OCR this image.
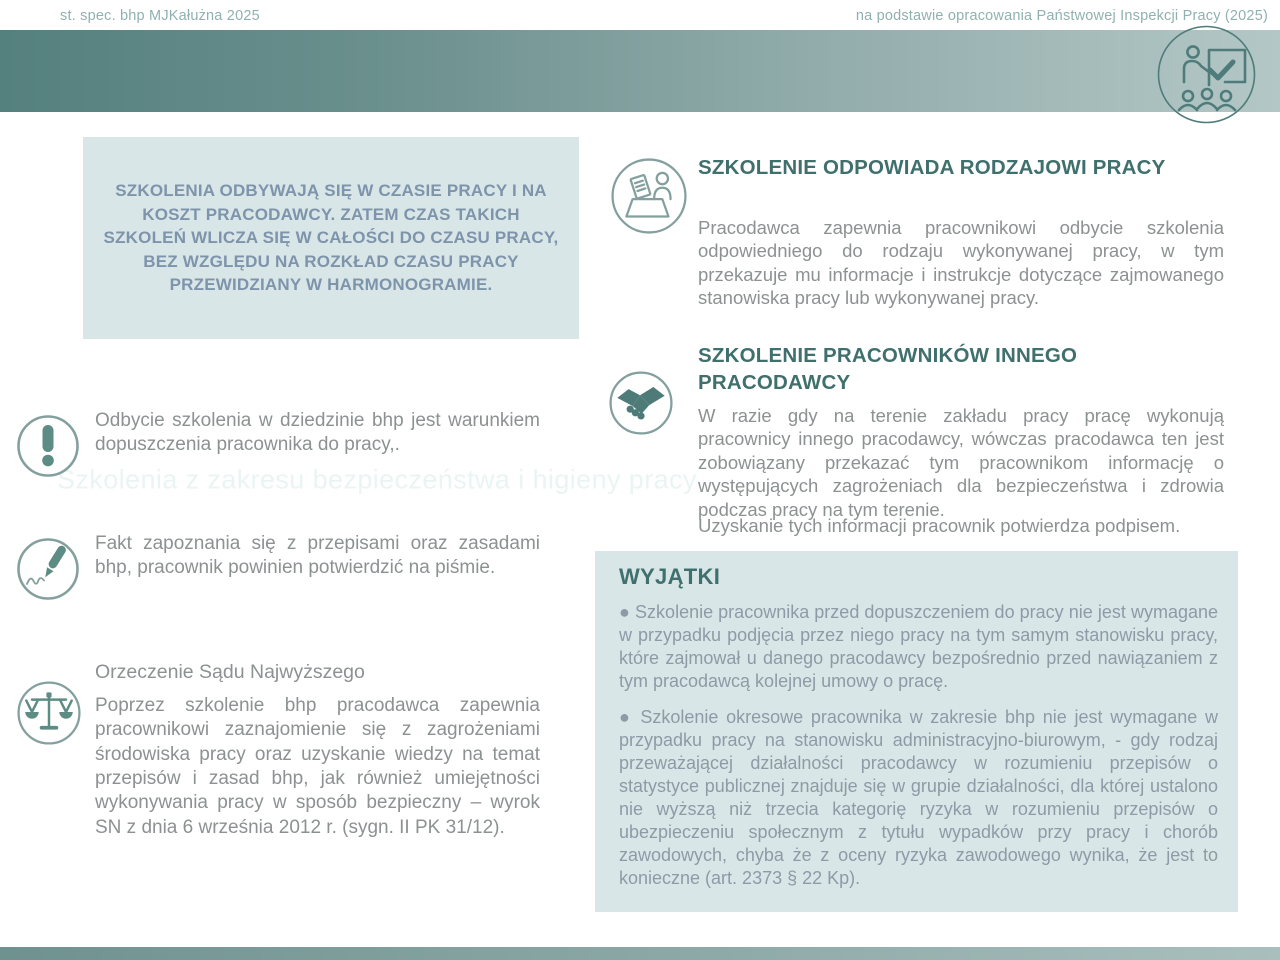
st. spec. bhp MJKałużna 2025	na podstawie opracowania Państwowej Inspekcji Pracy (2025)
Szkolenia z zakresu bezpieczeństwa i higieny pracy
SZKOLENIA ODBYWAJĄ SIĘ W CZASIE PRACY I NA KOSZT PRACODAWCY. ZATEM CZAS TAKICH SZKOLEŃ WLICZA SIĘ W CAŁOŚCI DO CZASU PRACY, BEZ WZGLĘDU NA ROZKŁAD CZASU PRACY PRZEWIDZIANY W HARMONOGRAMIE.

Odbycie szkolenia w dziedzinie bhp jest warunkiem dopuszczenia pracownika do pracy,.

Fakt zapoznania się z przepisami oraz zasadami bhp, pracownik powinien potwierdzić na piśmie.

Orzeczenie Sądu Najwyższego

Poprzez szkolenie bhp pracodawca zapewnia pracownikowi zaznajomienie się z zagrożeniami środowiska pracy oraz uzyskanie wiedzy na temat przepisów i zasad bhp, jak również umiejętności wykonywania pracy w sposób bezpieczny – wyrok SN z dnia 6 września 2012 r. (sygn. II PK 31/12).

SZKOLENIE ODPOWIADA RODZAJOWI PRACY

Pracodawca zapewnia pracownikowi odbycie szkolenia odpowiedniego do rodzaju wykonywanej pracy, w tym przekazuje mu informacje i instrukcje dotyczące zajmowanego stanowiska pracy lub wykonywanej pracy.

SZKOLENIE PRACOWNIKÓW INNEGO PRACODAWCY

W razie gdy na terenie zakładu pracy pracę wykonują pracownicy innego pracodawcy, wówczas pracodawca ten jest zobowiązany przekazać tym pracownikom informację o występujących zagrożeniach dla bezpieczeństwa i zdrowia podczas pracy na tym terenie.

Uzyskanie tych informacji pracownik potwierdza podpisem.

WYJĄTKI

● Szkolenie pracownika przed dopuszczeniem do pracy nie jest wymagane w przypadku podjęcia przez niego pracy na tym samym stanowisku pracy, które zajmował u danego pracodawcy bezpośrednio przed nawiązaniem z tym pracodawcą kolejnej umowy o pracę.

● Szkolenie okresowe pracownika w zakresie bhp nie jest wymagane w przypadku pracy na stanowisku administracyjno-biurowym, - gdy rodzaj przeważającej działalności pracodawcy w rozumieniu przepisów o statystyce publicznej znajduje się w grupie działalności, dla której ustalono nie wyższą niż trzecia kategorię ryzyka w rozumieniu przepisów o ubezpieczeniu społecznym z tytułu wypadków przy pracy i chorób zawodowych, chyba że z oceny ryzyka zawodowego wynika, że jest to konieczne (art. 2373 § 22 Kp).
